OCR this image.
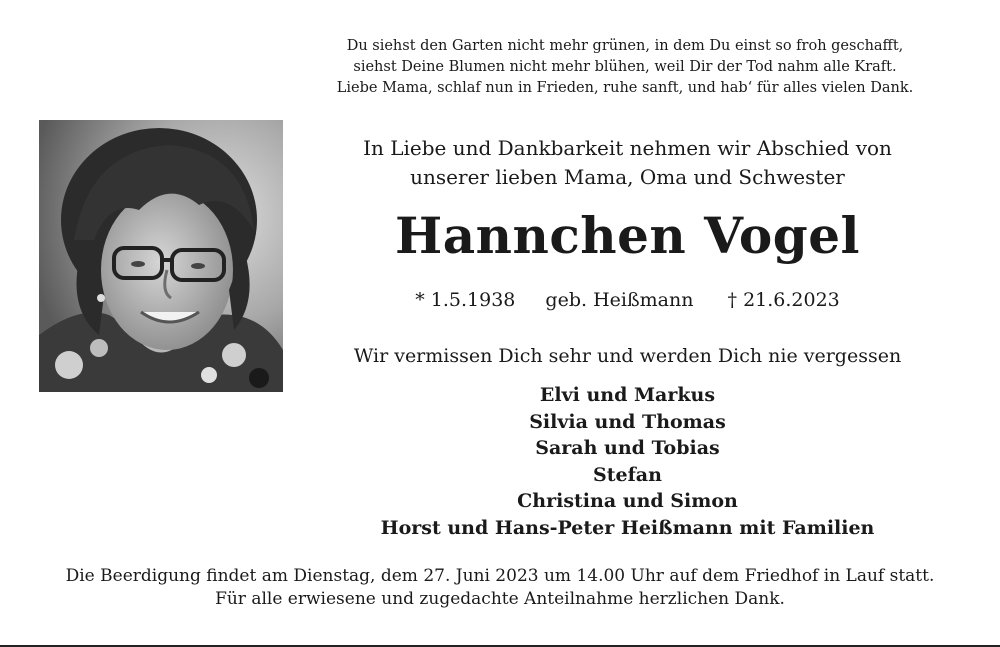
Du siehst den Garten nicht mehr grünen, in dem Du einst so froh geschafft,
siehst Deine Blumen nicht mehr blühen, weil Dir der Tod nahm alle Kraft.
Liebe Mama, schlaf nun in Frieden, ruhe sanft, und hab‘ für alles vielen Dank.
In Liebe und Dankbarkeit nehmen wir Abschied von
unserer lieben Mama, Oma und Schwester
Hannchen Vogel
* 1.5.1938 geb. Heißmann † 21.6.2023
Wir vermissen Dich sehr und werden Dich nie vergessen
Elvi und Markus
Silvia und Thomas
Sarah und Tobias
Stefan
Christina und Simon
Horst und Hans-Peter Heißmann mit Familien
Die Beerdigung findet am Dienstag, dem 27. Juni 2023 um 14.00 Uhr auf dem Friedhof in Lauf statt.
Für alle erwiesene und zugedachte Anteilnahme herzlichen Dank.
